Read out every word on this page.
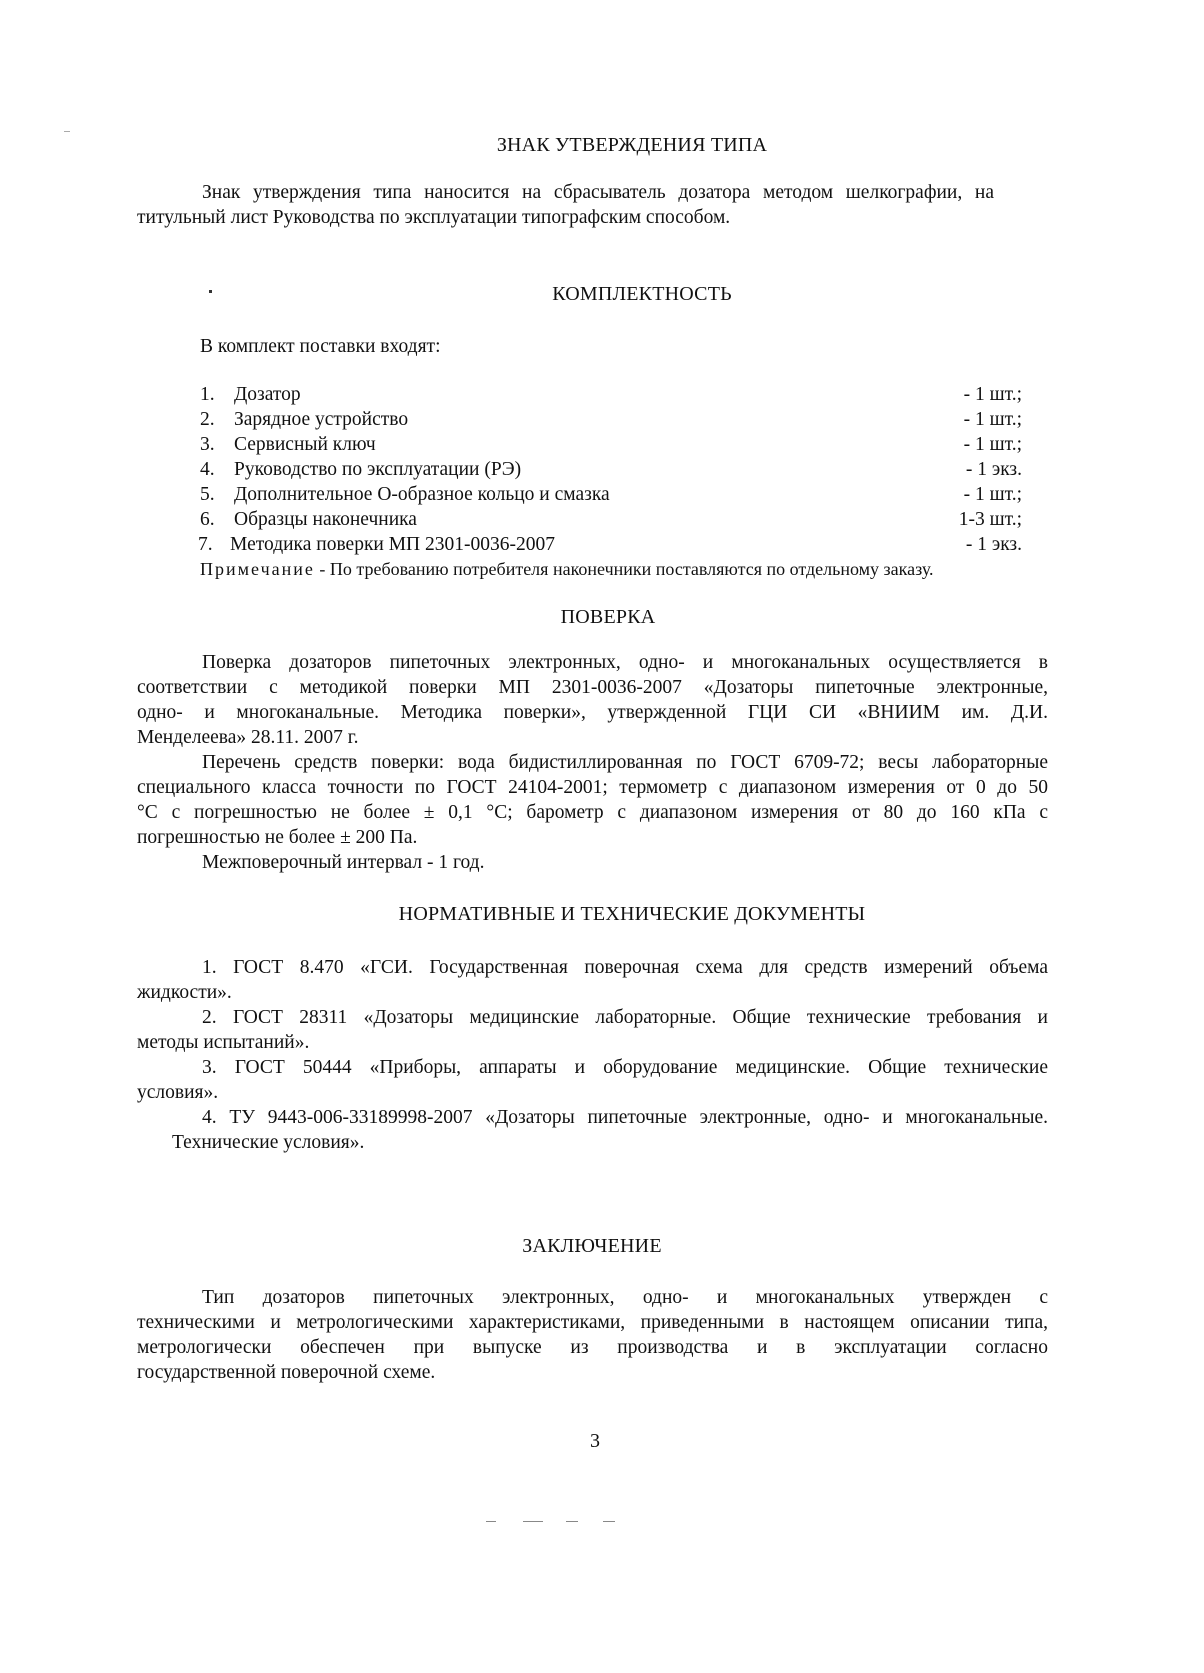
ЗНАК УТВЕРЖДЕНИЯ ТИПА
Знак утверждения типа наносится на сбрасыватель дозатора методом шелкографии, на
титульный лист Руководства по эксплуатации типографским способом.
КОМПЛЕКТНОСТЬ
В комплект поставки входят:
1. Дозатор	- 1 шт.;
2. Зарядное устройство	- 1 шт.;
3. Сервисный ключ	- 1 шт.;
4. Руководство по эксплуатации (РЭ)	- 1 экз.
5. Дополнительное О-образное кольцо и смазка	- 1 шт.;
6. Образцы наконечника	1-3 шт.;
7. Методика поверки МП 2301-0036-2007	- 1 экз.
Примечание - По требованию потребителя наконечники поставляются по отдельному заказу.
ПОВЕРКА
Поверка дозаторов пипеточных электронных, одно- и многоканальных осуществляется в
соответствии с методикой поверки МП 2301-0036-2007 «Дозаторы пипеточные электронные,
одно- и многоканальные. Методика поверки», утвержденной ГЦИ СИ «ВНИИМ им. Д.И.
Менделеева» 28.11. 2007 г.
Перечень средств поверки: вода бидистиллированная по ГОСТ 6709-72; весы лабораторные
специального класса точности по ГОСТ 24104-2001; термометр с диапазоном измерения от 0 до 50
°С с погрешностью не более ± 0,1 °С; барометр с диапазоном измерения от 80 до 160 кПа с
погрешностью не более ± 200 Па.
Межповерочный интервал - 1 год.
НОРМАТИВНЫЕ И ТЕХНИЧЕСКИЕ ДОКУМЕНТЫ
1. ГОСТ 8.470 «ГСИ. Государственная поверочная схема для средств измерений объема
жидкости».
2. ГОСТ 28311 «Дозаторы медицинские лабораторные. Общие технические требования и
методы испытаний».
3. ГОСТ 50444 «Приборы, аппараты и оборудование медицинские. Общие технические
условия».
4. ТУ 9443-006-33189998-2007 «Дозаторы пипеточные электронные, одно- и многоканальные.
Технические условия».
ЗАКЛЮЧЕНИЕ
Тип дозаторов пипеточных электронных, одно- и многоканальных утвержден с
техническими и метрологическими характеристиками, приведенными в настоящем описании типа,
метрологически обеспечен при выпуске из производства и в эксплуатации согласно
государственной поверочной схеме.
3
